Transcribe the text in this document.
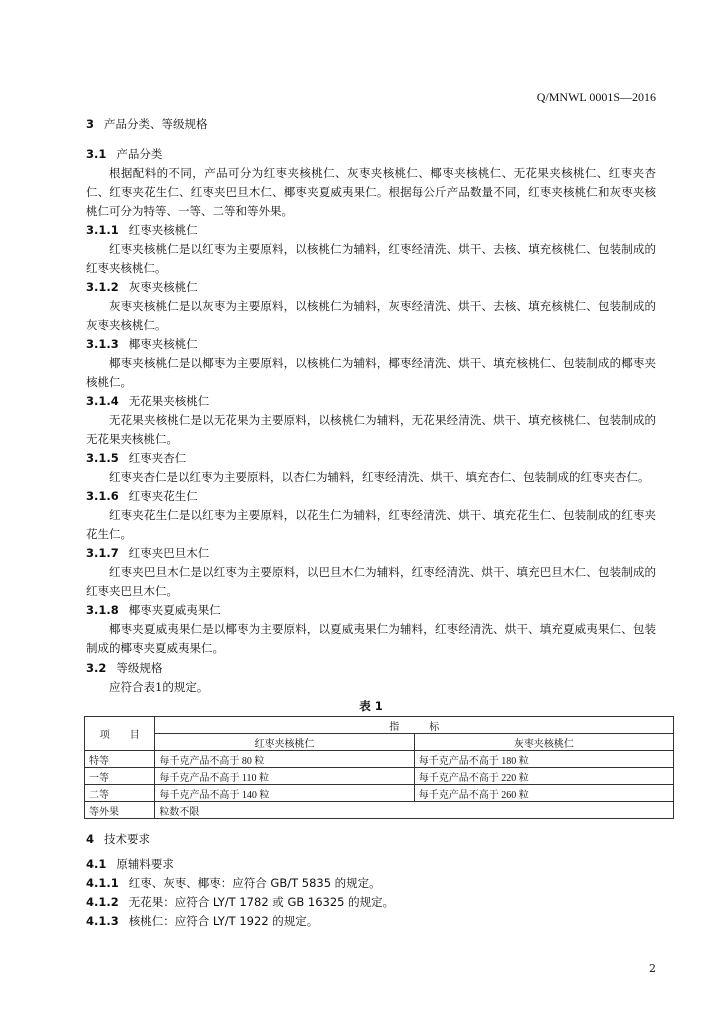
Q/MNWL 0001S—2016
3 产品分类、等级规格
3.1 产品分类

根据配料的不同，产品可分为红枣夹核桃仁、灰枣夹核桃仁、椰枣夹核桃仁、无花果夹核桃仁、红枣夹杏仁、红枣夹花生仁、红枣夹巴旦木仁、椰枣夹夏威夷果仁。根据每公斤产品数量不同，红枣夹核桃仁和灰枣夹核桃仁可分为特等、一等、二等和等外果。

3.1.1 红枣夹核桃仁

红枣夹核桃仁是以红枣为主要原料，以核桃仁为辅料，红枣经清洗、烘干、去核、填充核桃仁、包装制成的红枣夹核桃仁。

3.1.2 灰枣夹核桃仁

灰枣夹核桃仁是以灰枣为主要原料，以核桃仁为辅料，灰枣经清洗、烘干、去核、填充核桃仁、包装制成的灰枣夹核桃仁。

3.1.3 椰枣夹核桃仁

椰枣夹核桃仁是以椰枣为主要原料，以核桃仁为辅料，椰枣经清洗、烘干、填充核桃仁、包装制成的椰枣夹核桃仁。

3.1.4 无花果夹核桃仁

无花果夹核桃仁是以无花果为主要原料，以核桃仁为辅料，无花果经清洗、烘干、填充核桃仁、包装制成的无花果夹核桃仁。

3.1.5 红枣夹杏仁

红枣夹杏仁是以红枣为主要原料，以杏仁为辅料，红枣经清洗、烘干、填充杏仁、包装制成的红枣夹杏仁。

3.1.6 红枣夹花生仁

红枣夹花生仁是以红枣为主要原料，以花生仁为辅料，红枣经清洗、烘干、填充花生仁、包装制成的红枣夹花生仁。

3.1.7 红枣夹巴旦木仁

红枣夹巴旦木仁是以红枣为主要原料，以巴旦木仁为辅料，红枣经清洗、烘干、填充巴旦木仁、包装制成的红枣夹巴旦木仁。

3.1.8 椰枣夹夏威夷果仁

椰枣夹夏威夷果仁是以椰枣为主要原料，以夏威夷果仁为辅料，红枣经清洗、烘干、填充夏威夷果仁、包装制成的椰枣夹夏威夷果仁。

3.2 等级规格

应符合表1的规定。

表 1
项　　目	指　　　标	
	红枣夹核桃仁	灰枣夹核桃仁
特等	每千克产品不高于 80 粒	每千克产品不高于 180 粒
一等	每千克产品不高于 110 粒	每千克产品不高于 220 粒
二等	每千克产品不高于 140 粒	每千克产品不高于 260 粒
等外果	粒数不限	
4 技术要求
4.1 原辅料要求
4.1.1 红枣、灰枣、椰枣：应符合 GB/T 5835 的规定。
4.1.2 无花果：应符合 LY/T 1782 或 GB 16325 的规定。
4.1.3 核桃仁：应符合 LY/T 1922 的规定。
2
